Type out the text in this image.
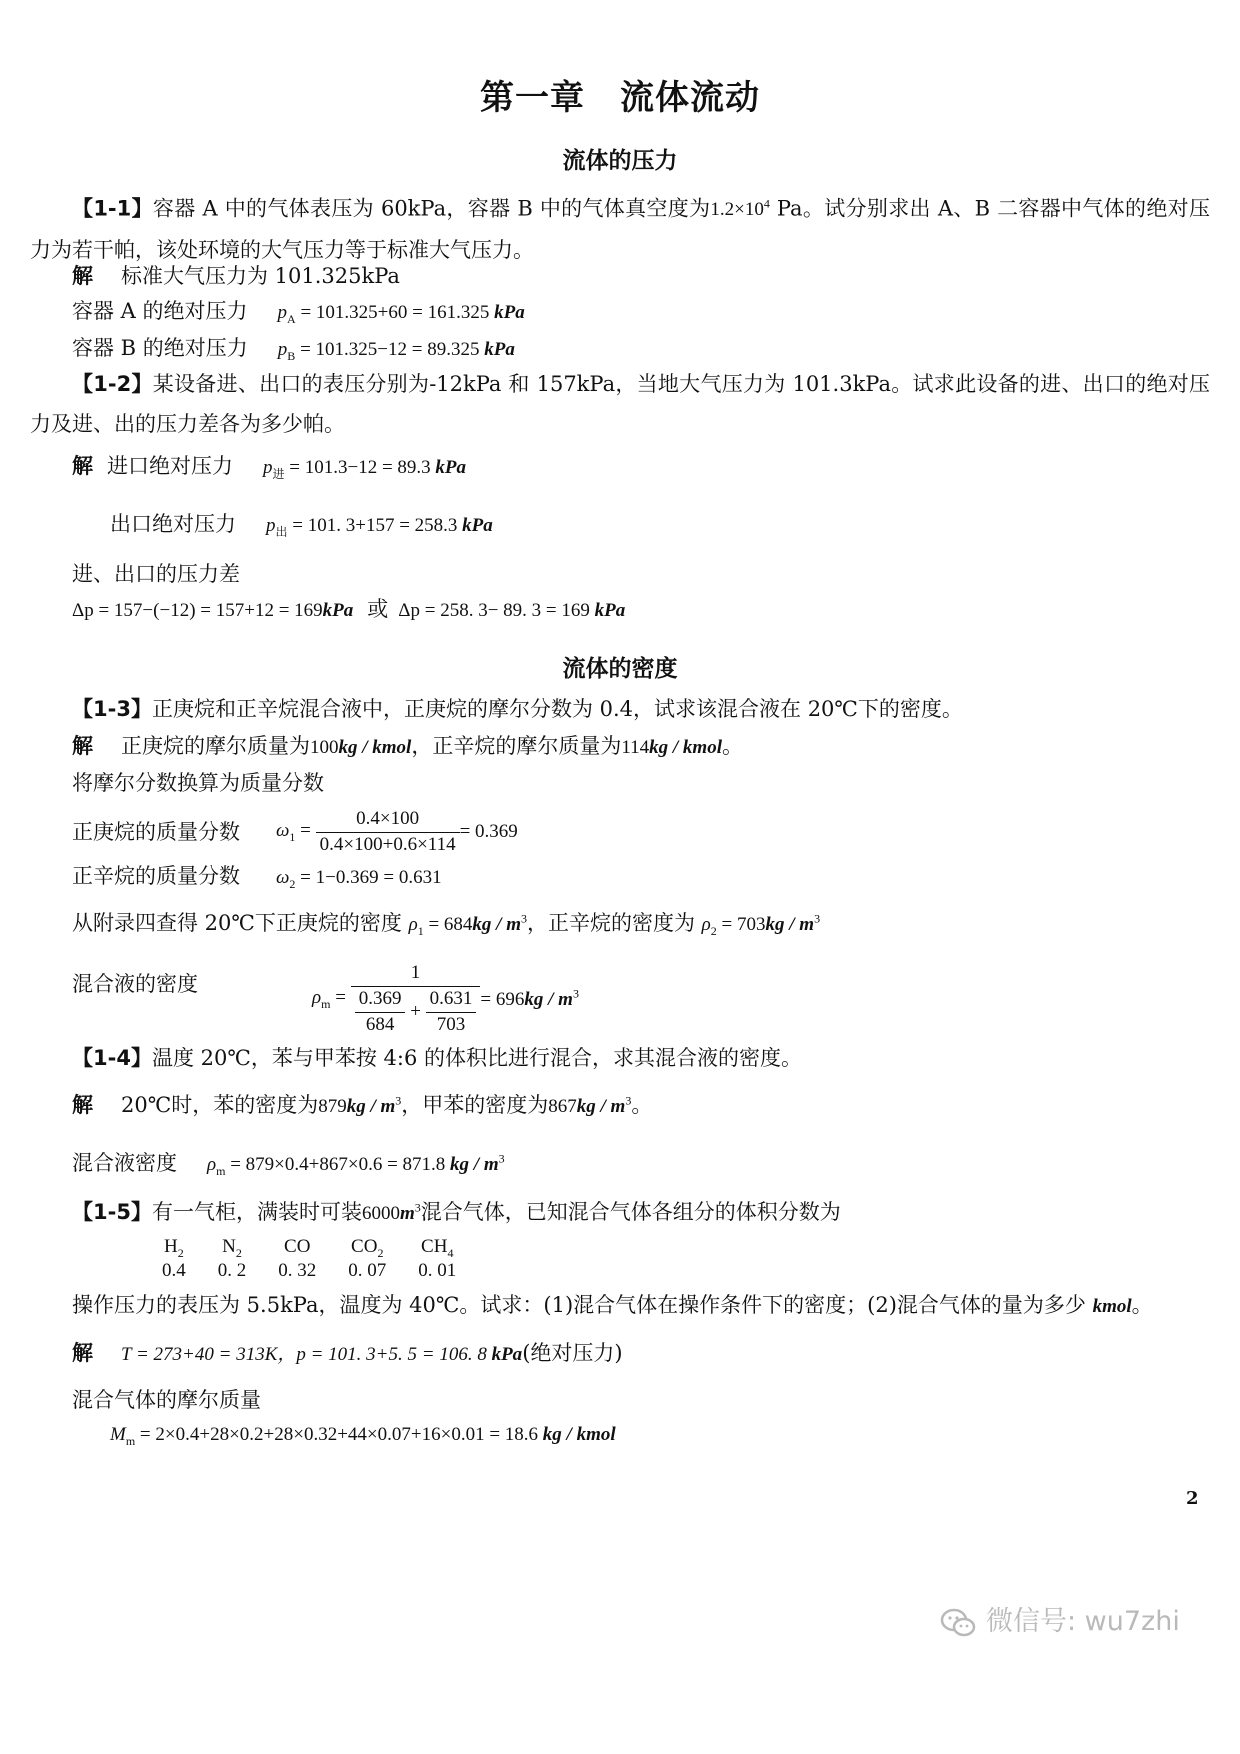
第一章　流体流动
流体的压力
【1-1】容器 A 中的气体表压为 60kPa，容器 B 中的气体真空度为$1.2\times 10^4$ Pa。试分别求出 A、B 二容器中气体的绝对压力为若干帕，该处环境的大气压力等于标准大气压力。
解 标准大气压力为 101.325kPa
容器 A 的绝对压力 $p_A = 101.325+60 = 161.325$ kPa
容器 B 的绝对压力 $p_B = 101.325-12 = 89.325$ kPa
【1-2】某设备进、出口的表压分别为-12kPa 和 157kPa，当地大气压力为 101.3kPa。试求此设备的进、出口的绝对压力及进、出的压力差各为多少帕。
解 进口绝对压力 $p_进 = 101.3-12 = 89.3$ kPa
出口绝对压力 $p_出 = 101$. 3+157 = 258.3 kPa
进、出口的压力差
Δp = 157−(−12) = 157+12 = 169kPa 或 Δp = 258. 3− 89. 3 = 169 kPa
流体的密度
【1-3】正庚烷和正辛烷混合液中，正庚烷的摩尔分数为 0.4，试求该混合液在 20℃下的密度。
解 正庚烷的摩尔质量为100kg / kmol，正辛烷的摩尔质量为114kg / kmol。
将摩尔分数换算为质量分数
正庚烷的质量分数 $\omega_1 = \frac{0.4\times 100}{0.4\times 100+0.6\times 114} = 0.369$
正辛烷的质量分数 $\omega_2 = 1-0.369 = 0.631$
从附录四查得 20℃下正庚烷的密度 $\rho_1 = 684kg / m^3$，正辛烷的密度为 $\rho_2 = 703kg / m^3$
混合液的密度
$\rho_m = \frac{1}{\frac{0.369}{684} + \frac{0.631}{703}} = 696kg / m^3$
【1-4】温度 20℃，苯与甲苯按 4:6 的体积比进行混合，求其混合液的密度。
解 20℃时，苯的密度为$879kg / m^3$，甲苯的密度为$867kg / m^3$。
混合液密度 $\rho_m = 879\times 0.4+867\times 0.6 = 871.8$ kg / $m^3$
【1-5】有一气柜，满装时可装$6000m^3$混合气体，已知混合气体各组分的体积分数为
$H_2$	$N_2$	CO	$CO_2$	$CH_4$
0.4	0. 2	0. 32	0. 07	0. 01
操作压力的表压为 5.5kPa，温度为 40℃。试求：(1)混合气体在操作条件下的密度；(2)混合气体的量为多少 kmol。
解 T = 273+40 = 313K，p = 101. 3+5. 5 = 106. 8 kPa(绝对压力)
混合气体的摩尔质量
$M_m = 2\times 0.4+28\times 0.2+28\times 0.32+44\times 0.07+16\times 0.01 = 18.6$ kg / kmol
2
微信号: wu7zhi
